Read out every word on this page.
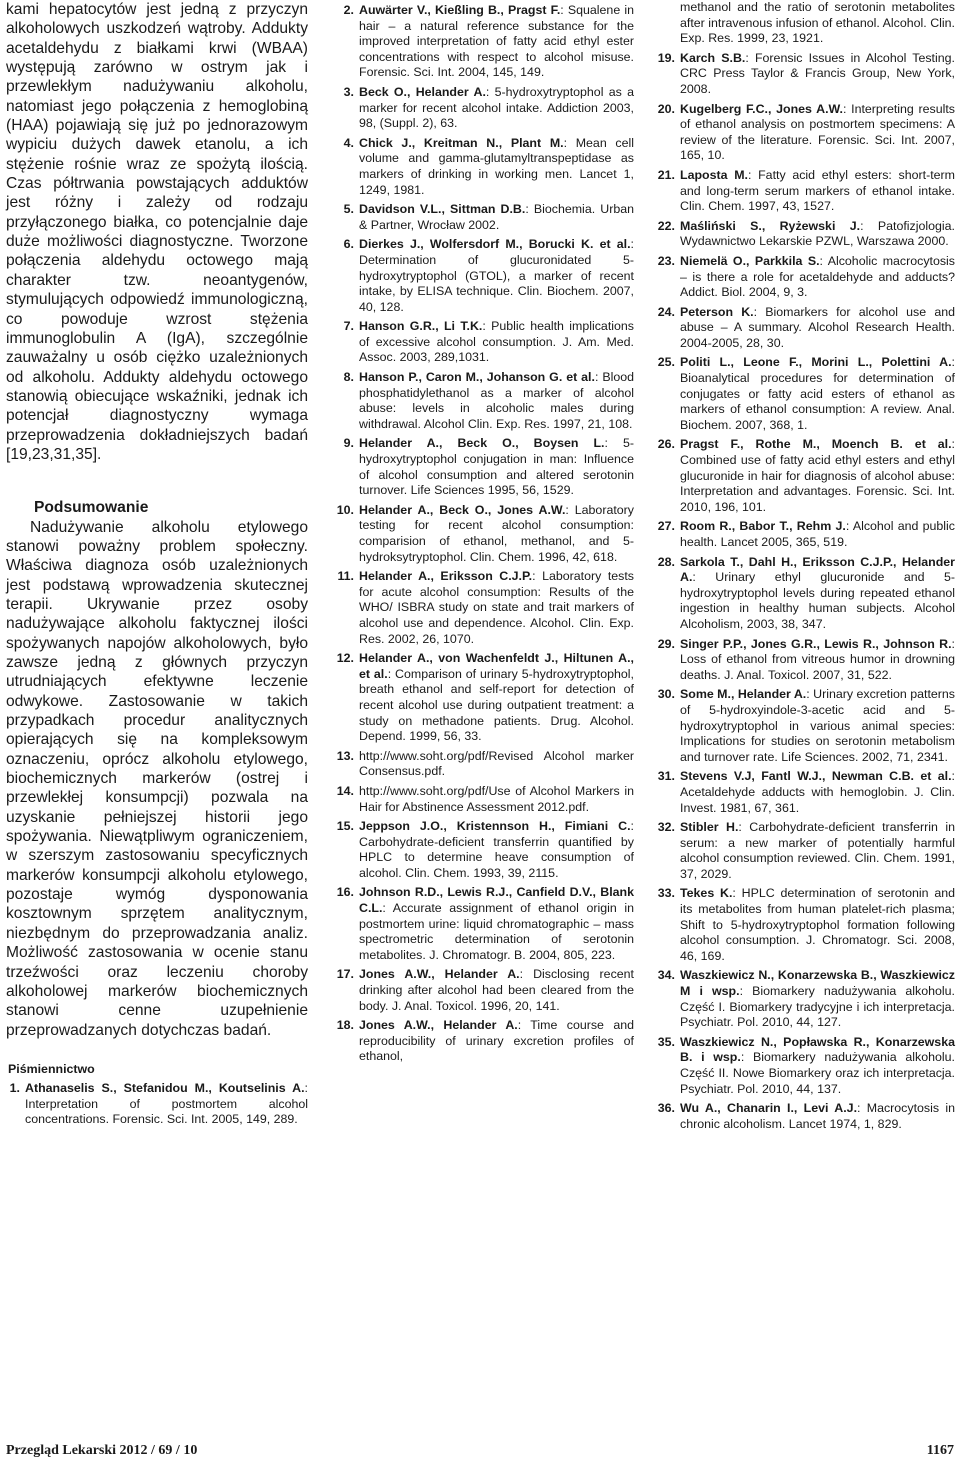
kami hepatocytów jest jedną z przyczyn alkoholowych uszkodzeń wątroby. Addukty acetaldehydu z białkami krwi (WBAA) występują zarówno w ostrym jak i przewlekłym nadużywaniu alkoholu, natomiast jego połączenia z hemoglobiną (HAA) pojawiają się już po jednorazowym wypiciu dużych dawek etanolu, a ich stężenie rośnie wraz ze spożytą ilością. Czas półtrwania powstających adduktów jest różny i zależy od rodzaju przyłączonego białka, co potencjalnie daje duże możliwości diagnostyczne. Tworzone połączenia aldehydu octowego mają charakter tzw. neoantygenów, stymulujących odpowiedź immunologiczną, co powoduje wzrost stężenia immunoglobulin A (IgA), szczególnie zauważalny u osób ciężko uzależnionych od alkoholu. Addukty aldehydu octowego stanowią obiecujące wskaźniki, jednak ich potencjał diagnostyczny wymaga przeprowadzenia dokładniejszych badań [19,23,31,35].

Podsumowanie

Nadużywanie alkoholu etylowego stanowi poważny problem społeczny. Właściwa diagnoza osób uzależnionych jest podstawą wprowadzenia skutecznej terapii. Ukrywanie przez osoby nadużywające alkoholu faktycznej ilości spożywanych napojów alkoholowych, było zawsze jedną z głównych przyczyn utrudniających efektywne leczenie odwykowe. Zastosowanie w takich przypadkach procedur analitycznych opierających się na kompleksowym oznaczeniu, oprócz alkoholu etylowego, biochemicznych markerów (ostrej i przewlekłej konsumpcji) pozwala na uzyskanie pełniejszej historii jego spożywania. Niewątpliwym ograniczeniem, w szerszym zastosowaniu specyficznych markerów konsumpcji alkoholu etylowego, pozostaje wymóg dysponowania kosztownym sprzętem analitycznym, niezbędnym do przeprowadzania analiz. Możliwość zastosowania w ocenie stanu trzeźwości oraz leczeniu choroby alkoholowej markerów biochemicznych stanowi cenne uzupełnienie przeprowadzanych dotychczas badań.

Piśmiennictwo
1. Athanaselis S., Stefanidou M., Koutselinis A.: Interpretation of postmortem alcohol concentrations. Forensic. Sci. Int. 2005, 149, 289.
2. Auwärter V., Kießling B., Pragst F.: Squalene in hair – a natural reference substance for the improved interpretation of fatty acid ethyl ester concentrations with respect to alcohol misuse. Forensic. Sci. Int. 2004, 145, 149.
3. Beck O., Helander A.: 5-hydroxytryptophol as a marker for recent alcohol intake. Addiction 2003, 98, (Suppl. 2), 63.
4. Chick J., Kreitman N., Plant M.: Mean cell volume and gamma-glutamyltranspeptidase as markers of drinking in working men. Lancet 1, 1249, 1981.
5. Davidson V.L., Sittman D.B.: Biochemia. Urban & Partner, Wrocław 2002.
6. Dierkes J., Wolfersdorf M., Borucki K. et al.: Determination of glucuronidated 5-hydroxytryptophol (GTOL), a marker of recent intake, by ELISA technique. Clin. Biochem. 2007, 40, 128.
7. Hanson G.R., Li T.K.: Public health implications of excessive alcohol consumption. J. Am. Med. Assoc. 2003, 289,1031.
8. Hanson P., Caron M., Johanson G. et al.: Blood phosphatidylethanol as a marker of alcohol abuse: levels in alcoholic males during withdrawal. Alcohol Clin. Exp. Res. 1997, 21, 108.
9. Helander A., Beck O., Boysen L.: 5-hydroxytryptophol conjugation in man: Influence of alcohol consumption and altered serotonin turnover. Life Sciences 1995, 56, 1529.
10. Helander A., Beck O., Jones A.W.: Laboratory testing for recent alcohol consumption: comparision of ethanol, methanol, and 5-hydroksytryptophol. Clin. Chem. 1996, 42, 618.
11. Helander A., Eriksson C.J.P.: Laboratory tests for acute alcohol consumption: Results of the WHO/ ISBRA study on state and trait markers of alcohol use and dependence. Alcohol. Clin. Exp. Res. 2002, 26, 1070.
12. Helander A., von Wachenfeldt J., Hiltunen A., et al.: Comparison of urinary 5-hydroxytryptophol, breath ethanol and self-report for detection of recent alcohol use during outpatient treatment: a study on methadone patients. Drug. Alcohol. Depend. 1999, 56, 33.
13. http://www.soht.org/pdf/Revised Alcohol marker Consensus.pdf.
14. http://www.soht.org/pdf/Use of Alcohol Markers in Hair for Abstinence Assessment 2012.pdf.
15. Jeppson J.O., Kristennson H., Fimiani C.: Carbohydrate-deficient transferrin quantified by HPLC to determine heave consumption of alcohol. Clin. Chem. 1993, 39, 2115.
16. Johnson R.D., Lewis R.J., Canfield D.V., Blank C.L.: Accurate assignment of ethanol origin in postmortem urine: liquid chromatographic – mass spectrometric determination of serotonin metabolites. J. Chromatogr. B. 2004, 805, 223.
17. Jones A.W., Helander A.: Disclosing recent drinking after alcohol had been cleared from the body. J. Anal. Toxicol. 1996, 20, 141.
18. Jones A.W., Helander A.: Time course and reproducibility of urinary excretion profiles of ethanol,
methanol and the ratio of serotonin metabolites after intravenous infusion of ethanol. Alcohol. Clin. Exp. Res. 1999, 23, 1921.
19. Karch S.B.: Forensic Issues in Alcohol Testing. CRC Press Taylor & Francis Group, New York, 2008.
20. Kugelberg F.C., Jones A.W.: Interpreting results of ethanol analysis on postmortem specimens: A review of the literature. Forensic. Sci. Int. 2007, 165, 10.
21. Laposta M.: Fatty acid ethyl esters: short-term and long-term serum markers of ethanol intake. Clin. Chem. 1997, 43, 1527.
22. Maśliński S., Ryżewski J.: Patofizjologia. Wydawnictwo Lekarskie PZWL, Warszawa 2000.
23. Niemelä O., Parkkila S.: Alcoholic macrocytosis – is there a role for acetaldehyde and adducts? Addict. Biol. 2004, 9, 3.
24. Peterson K.: Biomarkers for alcohol use and abuse – A summary. Alcohol Research Health. 2004-2005, 28, 30.
25. Politi L., Leone F., Morini L., Polettini A.: Bioanalytical procedures for determination of conjugates or fatty acid esters of ethanol as markers of ethanol consumption: A review. Anal. Biochem. 2007, 368, 1.
26. Pragst F., Rothe M., Moench B. et al.: Combined use of fatty acid ethyl esters and ethyl glucuronide in hair for diagnosis of alcohol abuse: Interpretation and advantages. Forensic. Sci. Int. 2010, 196, 101.
27. Room R., Babor T., Rehm J.: Alcohol and public health. Lancet 2005, 365, 519.
28. Sarkola T., Dahl H., Eriksson C.J.P., Helander A.: Urinary ethyl glucuronide and 5-hydroxytryptophol levels during repeated ethanol ingestion in healthy human subjects. Alcohol Alcoholism, 2003, 38, 347.
29. Singer P.P., Jones G.R., Lewis R., Johnson R.: Loss of ethanol from vitreous humor in drowning deaths. J. Anal. Toxicol. 2007, 31, 522.
30. Some M., Helander A.: Urinary excretion patterns of 5-hydroxyindole-3-acetic acid and 5-hydroxytryptophol in various animal species: Implications for studies on serotonin metabolism and turnover rate. Life Sciences. 2002, 71, 2341.
31. Stevens V.J, Fantl W.J., Newman C.B. et al.: Acetaldehyde adducts with hemoglobin. J. Clin. Invest. 1981, 67, 361.
32. Stibler H.: Carbohydrate-deficient transferrin in serum: a new marker of potentially harmful alcohol consumption reviewed. Clin. Chem. 1991, 37, 2029.
33. Tekes K.: HPLC determination of serotonin and its metabolites from human platelet-rich plasma; Shift to 5-hydroxytryptophol formation following alcohol consumption. J. Chromatogr. Sci. 2008, 46, 169.
34. Waszkiewicz N., Konarzewska B., Waszkiewicz M i wsp.: Biomarkery nadużywania alkoholu. Część I. Biomarkery tradycyjne i ich interpretacja. Psychiatr. Pol. 2010, 44, 127.
35. Waszkiewicz N., Popławska R., Konarzewska B. i wsp.: Biomarkery nadużywania alkoholu. Część II. Nowe Biomarkery oraz ich interpretacja. Psychiatr. Pol. 2010, 44, 137.
36. Wu A., Chanarin I., Levi A.J.: Macrocytosis in chronic alcoholism. Lancet 1974, 1, 829.
Przegląd Lekarski 2012 / 69 / 10	1167
